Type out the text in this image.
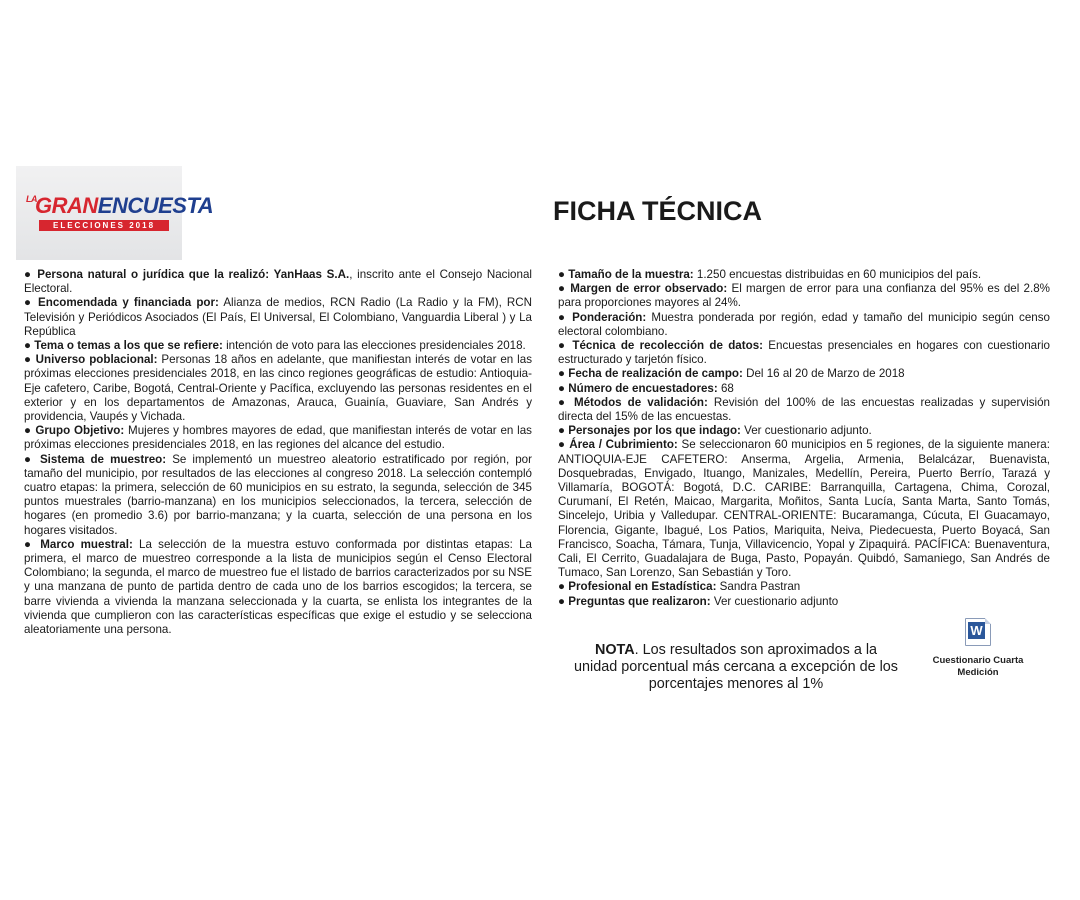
$^{LA}$GRANENCUESTA
ELECCIONES 2018	FICHA TÉCNICA

● Persona natural o jurídica que la realizó: YanHaas S.A., inscrito ante el Consejo Nacional Electoral.

● Encomendada y financiada por: Alianza de medios, RCN Radio (La Radio y la FM), RCN Televisión y Periódicos Asociados (El País, El Universal, El Colombiano, Vanguardia Liberal ) y La República

● Tema o temas a los que se refiere: intención de voto para las elecciones presidenciales 2018.

● Universo poblacional: Personas 18 años en adelante, que manifiestan interés de votar en las próximas elecciones presidenciales 2018, en las cinco regiones geográficas de estudio: Antioquia-Eje cafetero, Caribe, Bogotá, Central-Oriente y Pacífica, excluyendo las personas residentes en el exterior y en los departamentos de Amazonas, Arauca, Guainía, Guaviare, San Andrés y providencia, Vaupés y Vichada.

● Grupo Objetivo: Mujeres y hombres mayores de edad, que manifiestan interés de votar en las próximas elecciones presidenciales 2018, en las regiones del alcance del estudio.

● Sistema de muestreo: Se implementó un muestreo aleatorio estratificado por región, por tamaño del municipio, por resultados de las elecciones al congreso 2018. La selección contempló cuatro etapas: la primera, selección de 60 municipios en su estrato, la segunda, selección de 345 puntos muestrales (barrio-manzana) en los municipios seleccionados, la tercera, selección de hogares (en promedio 3.6) por barrio-manzana; y la cuarta, selección de una persona en los hogares visitados.

● Marco muestral: La selección de la muestra estuvo conformada por distintas etapas: La primera, el marco de muestreo corresponde a la lista de municipios según el Censo Electoral Colombiano; la segunda, el marco de muestreo fue el listado de barrios caracterizados por su NSE y una manzana de punto de partida dentro de cada uno de los barrios escogidos; la tercera, se barre vivienda a vivienda la manzana seleccionada y la cuarta, se enlista los integrantes de la vivienda que cumplieron con las características específicas que exige el estudio y se selecciona aleatoriamente una persona.

● Tamaño de la muestra: 1.250 encuestas distribuidas en 60 municipios del país.

● Margen de error observado: El margen de error para una confianza del 95% es del 2.8% para proporciones mayores al 24%.

● Ponderación: Muestra ponderada por región, edad y tamaño del municipio según censo electoral colombiano.

● Técnica de recolección de datos: Encuestas presenciales en hogares con cuestionario estructurado y tarjetón físico.

● Fecha de realización de campo: Del 16 al 20 de Marzo de 2018

● Número de encuestadores: 68

● Métodos de validación: Revisión del 100% de las encuestas realizadas y supervisión directa del 15% de las encuestas.

● Personajes por los que indago: Ver cuestionario adjunto.

● Área / Cubrimiento: Se seleccionaron 60 municipios en 5 regiones, de la siguiente manera: ANTIOQUIA-EJE CAFETERO: Anserma, Argelia, Armenia, Belalcázar, Buenavista, Dosquebradas, Envigado, Ituango, Manizales, Medellín, Pereira, Puerto Berrío, Tarazá y Villamaría, BOGOTÁ: Bogotá, D.C. CARIBE: Barranquilla, Cartagena, Chima, Corozal, Curumaní, El Retén, Maicao, Margarita, Moñitos, Santa Lucía, Santa Marta, Santo Tomás, Sincelejo, Uribia y Valledupar. CENTRAL-ORIENTE: Bucaramanga, Cúcuta, El Guacamayo, Florencia, Gigante, Ibagué, Los Patios, Mariquita, Neiva, Piedecuesta, Puerto Boyacá, San Francisco, Soacha, Támara, Tunja, Villavicencio, Yopal y Zipaquirá. PACÍFICA: Buenaventura, Cali, El Cerrito, Guadalajara de Buga, Pasto, Popayán. Quibdó, Samaniego, San Andrés de Tumaco, San Lorenzo, San Sebastián y Toro.

● Profesional en Estadística: Sandra Pastran

● Preguntas que realizaron: Ver cuestionario adjunto

NOTA. Los resultados son aproximados a la unidad porcentual más cercana a excepción de los porcentajes menores al 1%
W
Cuestionario Cuarta Medición
